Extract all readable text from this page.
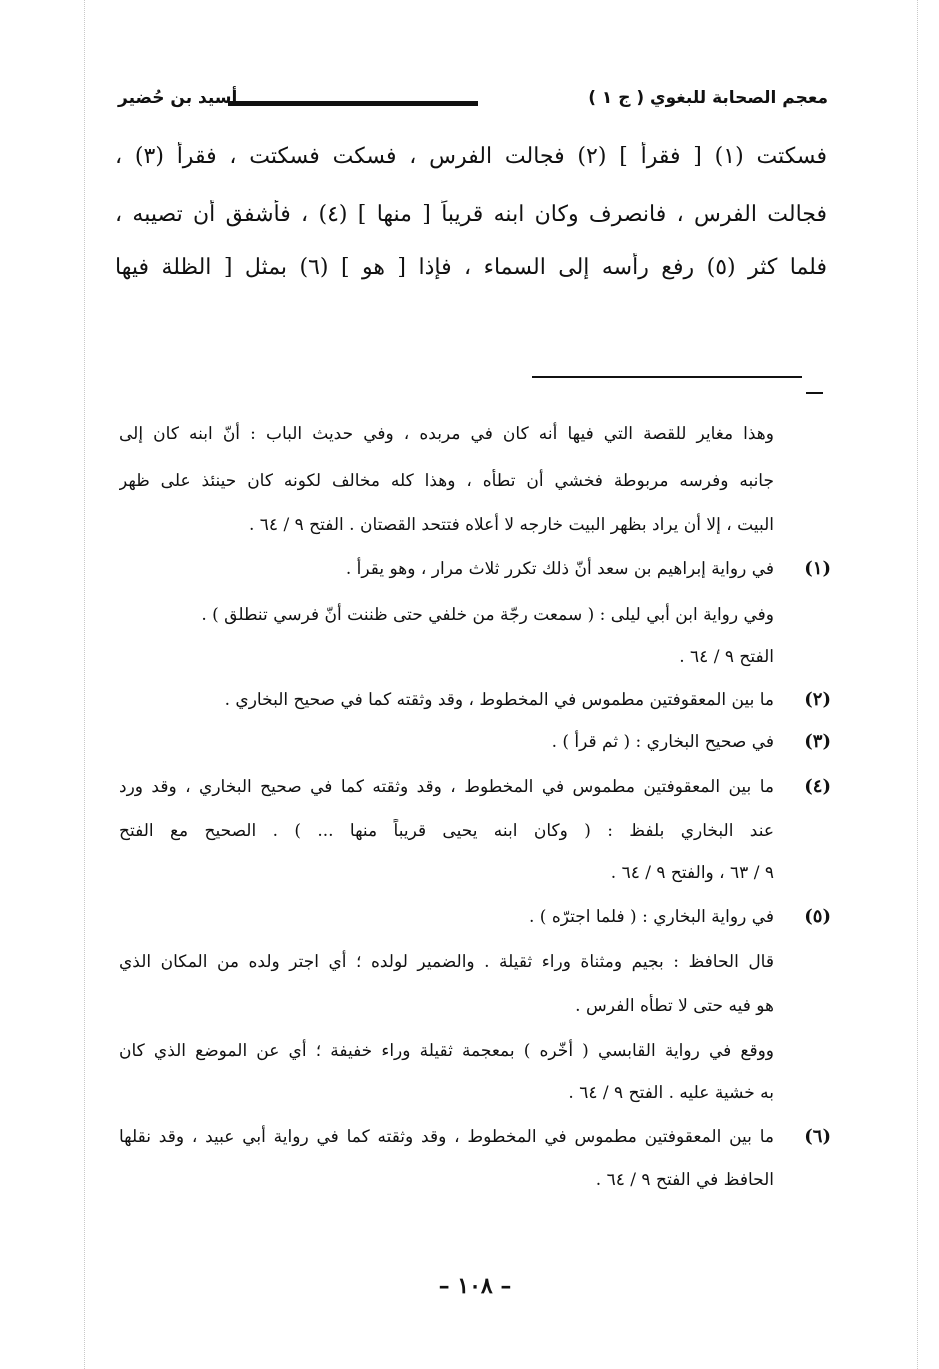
معجم الصحابة للبغوي ( ج ١ )
أسيد بن حُضير
فسكتت (١) [ فقرأ ] (٢) فجالت الفرس ، فسكت فسكتت ، فقرأ (٣) ،
فجالت الفرس ، فانصرف وكان ابنه قريباً [ منها ] (٤) ، فأشفق أن تصيبه ،
فلما كثر (٥) رفع رأسه إلى السماء ، فإذا [ هو ] (٦) بمثل [ الظلة فيها
وهذا مغاير للقصة التي فيها أنه كان في مربده ، وفي حديث الباب : أنّ ابنه كان إلى
جانبه وفرسه مربوطة فخشي أن تطأه ، وهذا كله مخالف لكونه كان حينئذ على ظهر
البيت ، إلا أن يراد بظهر البيت خارجه لا أعلاه فتتحد القصتان . الفتح ٩ / ٦٤ .
(١)
في رواية إبراهيم بن سعد أنّ ذلك تكرر ثلاث مرار ، وهو يقرأ .
وفي رواية ابن أبي ليلى : ( سمعت رجّة من خلفي حتى ظننت أنّ فرسي تنطلق ) .
الفتح ٩ / ٦٤ .
(٢)
ما بين المعقوفتين مطموس في المخطوط ، وقد وثقته كما في صحيح البخاري .
(٣)
في صحيح البخاري : ( ثم قرأ ) .
(٤)
ما بين المعقوفتين مطموس في المخطوط ، وقد وثقته كما في صحيح البخاري ، وقد ورد
عند البخاري بلفظ : ( وكان ابنه يحيى قريباً منها ... ) . الصحيح مع الفتح
٩ / ٦٣ ، والفتح ٩ / ٦٤ .
(٥)
في رواية البخاري : ( فلما اجترّه ) .
قال الحافظ : بجيم ومثناة وراء ثقيلة . والضمير لولده ؛ أي اجتر ولده من المكان الذي
هو فيه حتى لا تطأه الفرس .
ووقع في رواية القابسي ( أخّره ) بمعجمة ثقيلة وراء خفيفة ؛ أي عن الموضع الذي كان
به خشية عليه . الفتح ٩ / ٦٤ .
(٦)
ما بين المعقوفتين مطموس في المخطوط ، وقد وثقته كما في رواية أبي عبيد ، وقد نقلها
الحافظ في الفتح ٩ / ٦٤ .
– ١٠٨ –
